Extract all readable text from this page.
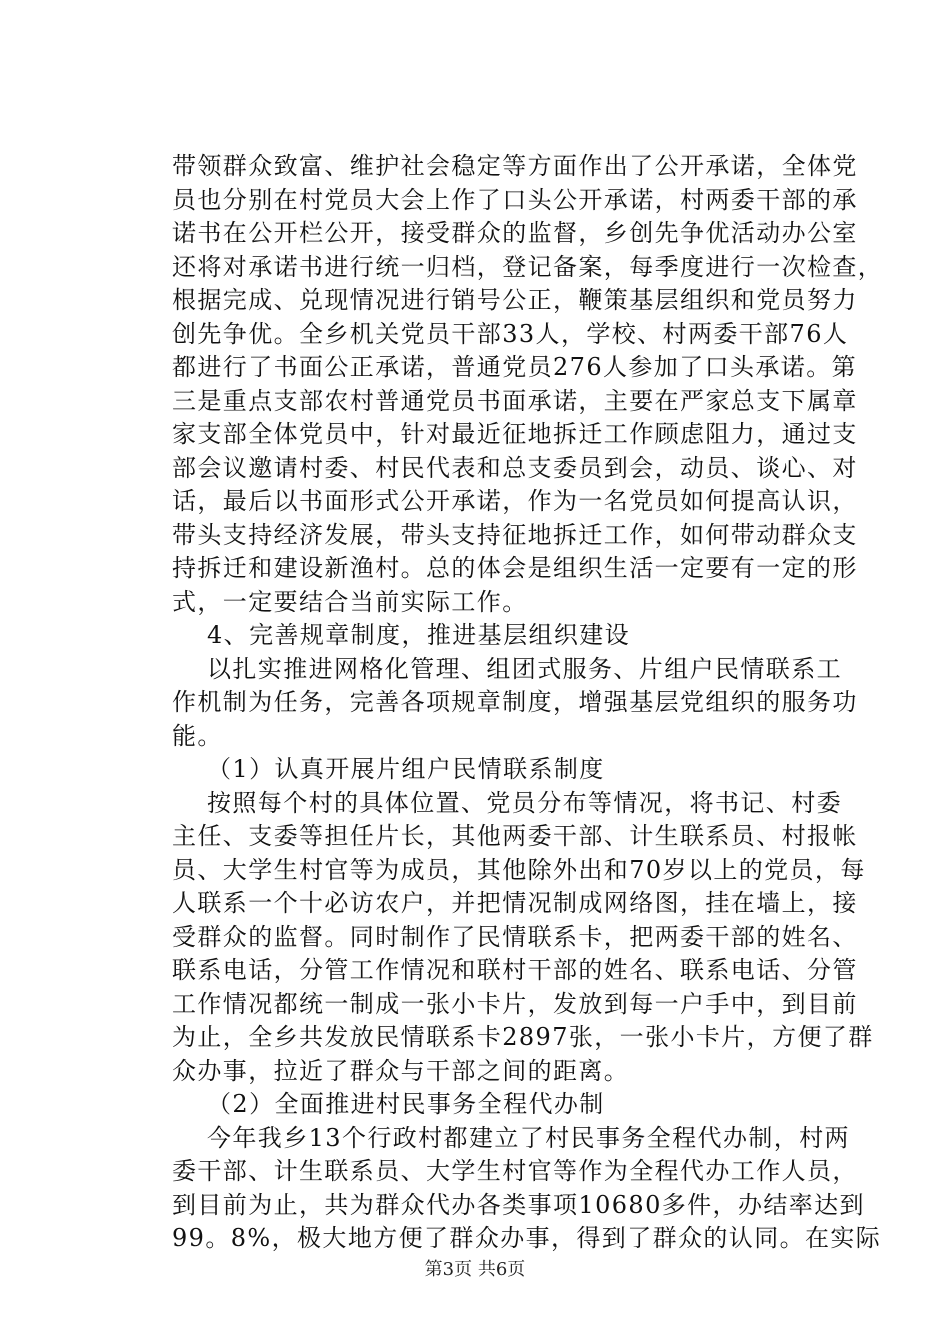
带领群众致富、维护社会稳定等方面作出了公开承诺，全体党
员也分别在村党员大会上作了口头公开承诺，村两委干部的承
诺书在公开栏公开，接受群众的监督，乡创先争优活动办公室
还将对承诺书进行统一归档，登记备案，每季度进行一次检查，
根据完成、兑现情况进行销号公正，鞭策基层组织和党员努力
创先争优。全乡机关党员干部33人，学校、村两委干部76人
都进行了书面公正承诺，普通党员276人参加了口头承诺。第
三是重点支部农村普通党员书面承诺，主要在严家总支下属章
家支部全体党员中，针对最近征地拆迁工作顾虑阻力，通过支
部会议邀请村委、村民代表和总支委员到会，动员、谈心、对
话，最后以书面形式公开承诺，作为一名党员如何提高认识，
带头支持经济发展，带头支持征地拆迁工作，如何带动群众支
持拆迁和建设新渔村。总的体会是组织生活一定要有一定的形
式，一定要结合当前实际工作。
4、完善规章制度，推进基层组织建设
以扎实推进网格化管理、组团式服务、片组户民情联系工
作机制为任务，完善各项规章制度，增强基层党组织的服务功
能。
（1）认真开展片组户民情联系制度
按照每个村的具体位置、党员分布等情况，将书记、村委
主任、支委等担任片长，其他两委干部、计生联系员、村报帐
员、大学生村官等为成员，其他除外出和70岁以上的党员，每
人联系一个十必访农户，并把情况制成网络图，挂在墙上，接
受群众的监督。同时制作了民情联系卡，把两委干部的姓名、
联系电话，分管工作情况和联村干部的姓名、联系电话、分管
工作情况都统一制成一张小卡片，发放到每一户手中，到目前
为止，全乡共发放民情联系卡2897张，一张小卡片，方便了群
众办事，拉近了群众与干部之间的距离。
（2）全面推进村民事务全程代办制
今年我乡13个行政村都建立了村民事务全程代办制，村两
委干部、计生联系员、大学生村官等作为全程代办工作人员，
到目前为止，共为群众代办各类事项10680多件，办结率达到
99。8%，极大地方便了群众办事，得到了群众的认同。在实际
第3页 共6页
